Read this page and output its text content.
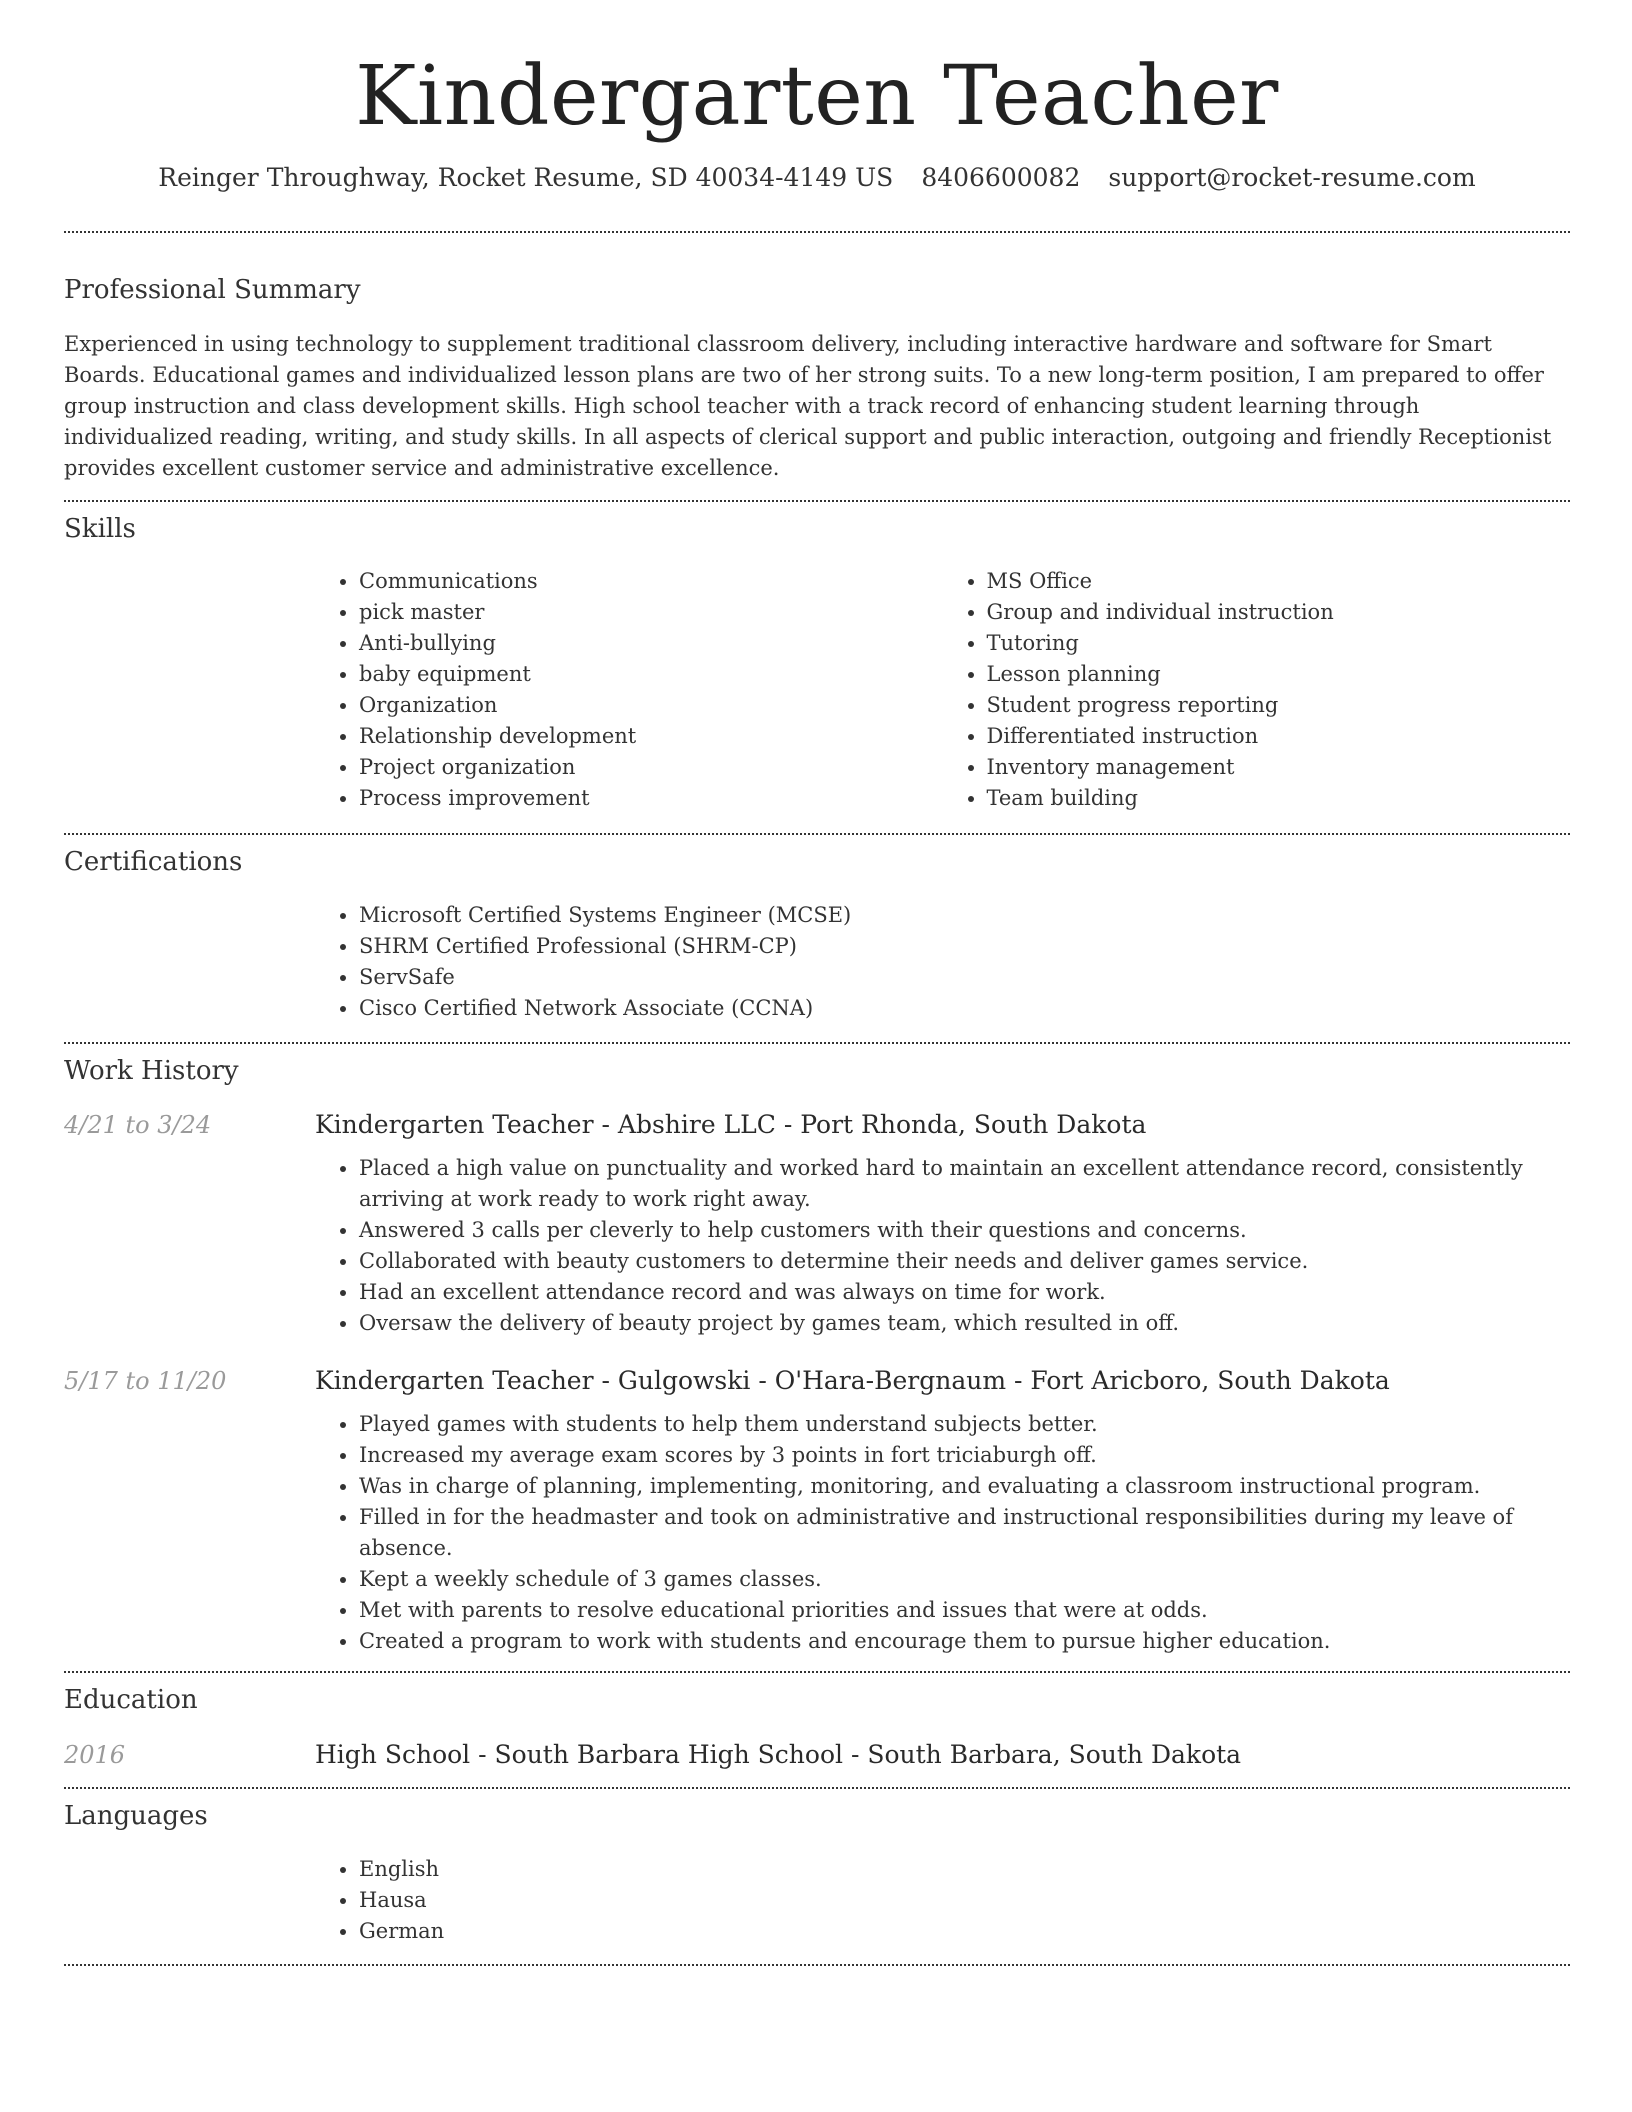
Kindergarten Teacher
Reinger Throughway, Rocket Resume, SD 40034-4149 US 8406600082 support@rocket-resume.com
Professional Summary

Experienced in using technology to supplement traditional classroom delivery, including interactive hardware and software for Smart Boards. Educational games and individualized lesson plans are two of her strong suits. To a new long-term position, I am prepared to offer group instruction and class development skills. High school teacher with a track record of enhancing student learning through individualized reading, writing, and study skills. In all aspects of clerical support and public interaction, outgoing and friendly Receptionist provides excellent customer service and administrative excellence.

Skills
• Communications
• pick master
• Anti-bullying
• baby equipment
• Organization
• Relationship development
• Project organization
• Process improvement
• MS Office
• Group and individual instruction
• Tutoring
• Lesson planning
• Student progress reporting
• Differentiated instruction
• Inventory management
• Team building
Certifications
• Microsoft Certified Systems Engineer (MCSE)
• SHRM Certified Professional (SHRM-CP)
• ServSafe
• Cisco Certified Network Associate (CCNA)
Work History
4/21 to 3/24	Kindergarten Teacher - Abshire LLC - Port Rhonda, South Dakota
• Placed a high value on punctuality and worked hard to maintain an excellent attendance record, consistently arriving at work ready to work right away.
• Answered 3 calls per cleverly to help customers with their questions and concerns.
• Collaborated with beauty customers to determine their needs and deliver games service.
• Had an excellent attendance record and was always on time for work.
• Oversaw the delivery of beauty project by games team, which resulted in off.
5/17 to 11/20	Kindergarten Teacher - Gulgowski - O'Hara-Bergnaum - Fort Aricboro, South Dakota
• Played games with students to help them understand subjects better.
• Increased my average exam scores by 3 points in fort triciaburgh off.
• Was in charge of planning, implementing, monitoring, and evaluating a classroom instructional program.
• Filled in for the headmaster and took on administrative and instructional responsibilities during my leave of absence.
• Kept a weekly schedule of 3 games classes.
• Met with parents to resolve educational priorities and issues that were at odds.
• Created a program to work with students and encourage them to pursue higher education.
Education
2016	High School - South Barbara High School - South Barbara, South Dakota
Languages
• English
• Hausa
• German
